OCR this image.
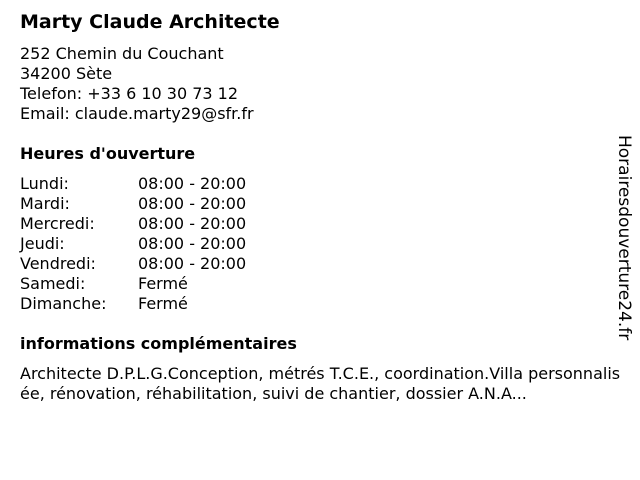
Marty Claude Architecte
252 Chemin du Couchant
34200 Sète
Telefon: +33 6 10 30 73 12
Email: claude.marty29@sfr.fr
Heures d'ouverture
Lundi:	08:00 - 20:00
Mardi:	08:00 - 20:00
Mercredi:	08:00 - 20:00
Jeudi:	08:00 - 20:00
Vendredi:	08:00 - 20:00
Samedi:	Fermé
Dimanche: Fermé
informations complémentaires
Architecte D.P.L.G.Conception, métrés T.C.E., coordination.Villa personnalisée, rénovation, réhabilitation, suivi de chantier, dossier A.N.A...
Horairesdouverture24.fr
